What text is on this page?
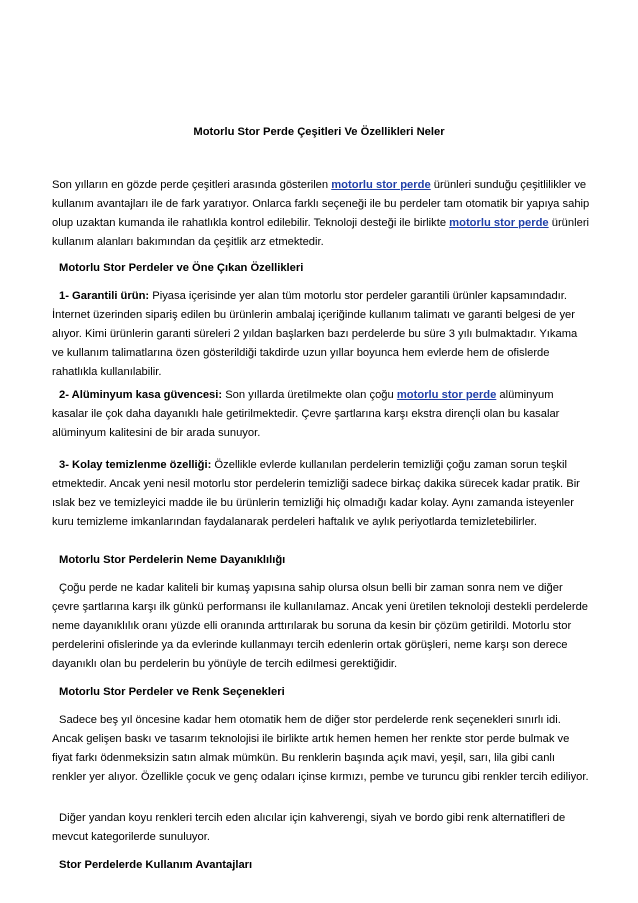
Motorlu Stor Perde Çeşitleri Ve Özellikleri Neler

Son yılların en gözde perde çeşitleri arasında gösterilen motorlu stor perde ürünleri sunduğu çeşitlilikler ve kullanım avantajları ile de fark yaratıyor. Onlarca farklı seçeneği ile bu perdeler tam otomatik bir yapıya sahip olup uzaktan kumanda ile rahatlıkla kontrol edilebilir. Teknoloji desteği ile birlikte motorlu stor perde ürünleri kullanım alanları bakımından da çeşitlik arz etmektedir.

Motorlu Stor Perdeler ve Öne Çıkan Özellikleri

1- Garantili ürün: Piyasa içerisinde yer alan tüm motorlu stor perdeler garantili ürünler kapsamındadır. İnternet üzerinden sipariş edilen bu ürünlerin ambalaj içeriğinde kullanım talimatı ve garanti belgesi de yer alıyor. Kimi ürünlerin garanti süreleri 2 yıldan başlarken bazı perdelerde bu süre 3 yılı bulmaktadır. Yıkama ve kullanım talimatlarına özen gösterildiği takdirde uzun yıllar boyunca hem evlerde hem de ofislerde rahatlıkla kullanılabilir.

2- Alüminyum kasa güvencesi: Son yıllarda üretilmekte olan çoğu motorlu stor perde alüminyum kasalar ile çok daha dayanıklı hale getirilmektedir. Çevre şartlarına karşı ekstra dirençli olan bu kasalar alüminyum kalitesini de bir arada sunuyor.

3- Kolay temizlenme özelliği: Özellikle evlerde kullanılan perdelerin temizliği çoğu zaman sorun teşkil etmektedir. Ancak yeni nesil motorlu stor perdelerin temizliği sadece birkaç dakika sürecek kadar pratik. Bir ıslak bez ve temizleyici madde ile bu ürünlerin temizliği hiç olmadığı kadar kolay. Aynı zamanda isteyenler kuru temizleme imkanlarından faydalanarak perdeleri haftalık ve aylık periyotlarda temizletebilirler.

Motorlu Stor Perdelerin Neme Dayanıklılığı

Çoğu perde ne kadar kaliteli bir kumaş yapısına sahip olursa olsun belli bir zaman sonra nem ve diğer çevre şartlarına karşı ilk günkü performansı ile kullanılamaz. Ancak yeni üretilen teknoloji destekli perdelerde neme dayanıklılık oranı yüzde elli oranında arttırılarak bu soruna da kesin bir çözüm getirildi. Motorlu stor perdelerini ofislerinde ya da evlerinde kullanmayı tercih edenlerin ortak görüşleri, neme karşı son derece dayanıklı olan bu perdelerin bu yönüyle de tercih edilmesi gerektiğidir.

Motorlu Stor Perdeler ve Renk Seçenekleri

Sadece beş yıl öncesine kadar hem otomatik hem de diğer stor perdelerde renk seçenekleri sınırlı idi. Ancak gelişen baskı ve tasarım teknolojisi ile birlikte artık hemen hemen her renkte stor perde bulmak ve fiyat farkı ödenmeksizin satın almak mümkün. Bu renklerin başında açık mavi, yeşil, sarı, lila gibi canlı renkler yer alıyor. Özellikle çocuk ve genç odaları içinse kırmızı, pembe ve turuncu gibi renkler tercih ediliyor.

Diğer yandan koyu renkleri tercih eden alıcılar için kahverengi, siyah ve bordo gibi renk alternatifleri de mevcut kategorilerde sunuluyor.

Stor Perdelerde Kullanım Avantajları
